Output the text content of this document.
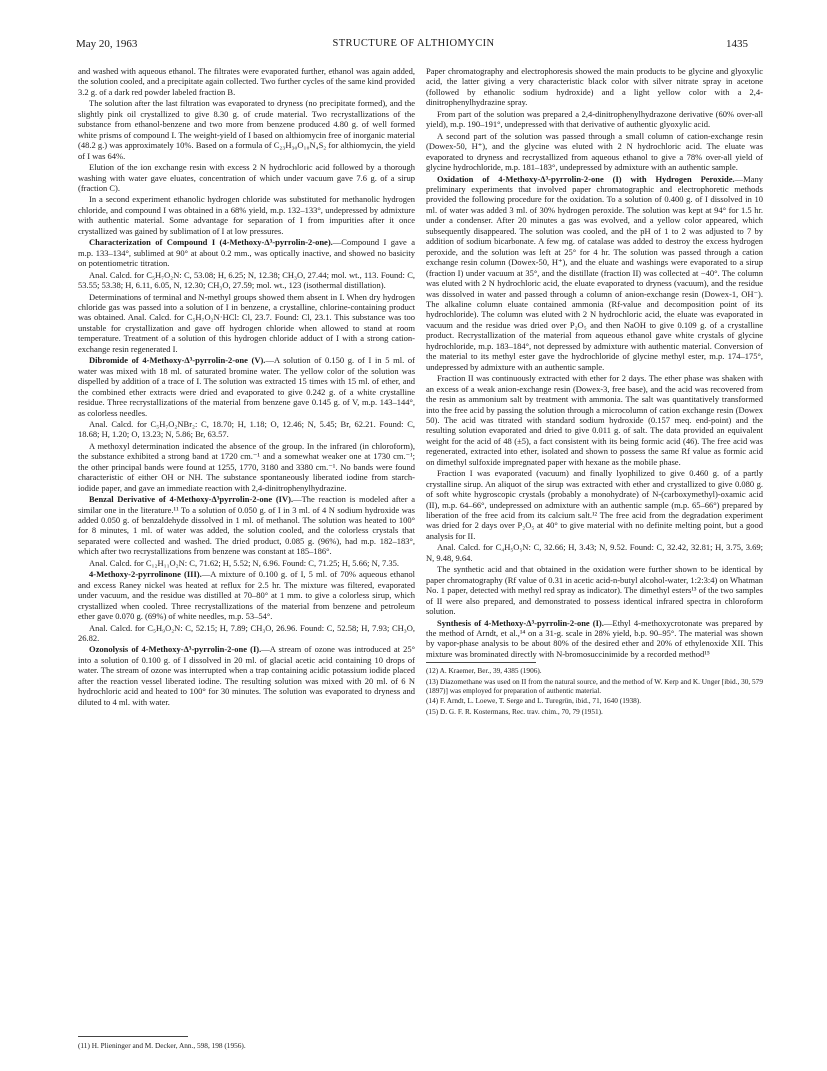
May 20, 1963	STRUCTURE OF ALTHIOMYCIN	1435

and washed with aqueous ethanol. The filtrates were evaporated further, ethanol was again added, the solution cooled, and a precipitate again collected. Two further cycles of the same kind provided 3.2 g. of a dark red powder labeled fraction B.

The solution after the last filtration was evaporated to dryness (no precipitate formed), and the slightly pink oil crystallized to give 8.30 g. of crude material. Two recrystallizations of the substance from ethanol-benzene and two more from benzene produced 4.80 g. of well formed white prisms of compound I. The weight-yield of I based on althiomycin free of inorganic material (48.2 g.) was approximately 10%. Based on a formula of C₂₃H₃₀O₁₀N₄S₂ for althiomycin, the yield of I was 64%.

Elution of the ion exchange resin with excess 2 N hydrochloric acid followed by a thorough washing with water gave eluates, concentration of which under vacuum gave 7.6 g. of a sirup (fraction C).

In a second experiment ethanolic hydrogen chloride was substituted for methanolic hydrogen chloride, and compound I was obtained in a 68% yield, m.p. 132–133°, undepressed by admixture with authentic material. Some advantage for separation of I from impurities after it once crystallized was gained by sublimation of I at low pressures.

Characterization of Compound I (4-Methoxy-Δ³-pyrrolin-2-one).—Compound I gave a m.p. 133–134°, sublimed at 90° at about 0.2 mm., was optically inactive, and showed no basicity on potentiometric titration.

Anal. Calcd. for C₅H₇O₂N: C, 53.08; H, 6.25; N, 12.38; CH₃O, 27.44; mol. wt., 113. Found: C, 53.55; 53.38; H, 6.11, 6.05, N, 12.30; CH₃O, 27.59; mol. wt., 123 (isothermal distillation).

Determinations of terminal and N-methyl groups showed them absent in I. When dry hydrogen chloride gas was passed into a solution of I in benzene, a crystalline, chlorine-containing product was obtained. Anal. Calcd. for C₅H₇O₂N·HCl: Cl, 23.7. Found: Cl, 23.1. This substance was too unstable for crystallization and gave off hydrogen chloride when allowed to stand at room temperature. Treatment of a solution of this hydrogen chloride adduct of I with a strong cation-exchange resin regenerated I.

Dibromide of 4-Methoxy-Δ³-pyrrolin-2-one (V).—A solution of 0.150 g. of I in 5 ml. of water was mixed with 18 ml. of saturated bromine water. The yellow color of the solution was dispelled by addition of a trace of I. The solution was extracted 15 times with 15 ml. of ether, and the combined ether extracts were dried and evaporated to give 0.242 g. of a white crystalline residue. Three recrystallizations of the material from benzene gave 0.145 g. of V, m.p. 143–144°, as colorless needles.

Anal. Calcd. for C₅H₇O₂NBr₂: C, 18.70; H, 1.18; O, 12.46; N, 5.45; Br, 62.21. Found: C, 18.68; H, 1.20; O, 13.23; N, 5.86; Br, 63.57.

A methoxyl determination indicated the absence of the group. In the infrared (in chloroform), the substance exhibited a strong band at 1720 cm.⁻¹ and a somewhat weaker one at 1730 cm.⁻¹; the other principal bands were found at 1255, 1770, 3180 and 3380 cm.⁻¹. No bands were found characteristic of either OH or NH. The substance spontaneously liberated iodine from starch-iodide paper, and gave an immediate reaction with 2,4-dinitrophenylhydrazine.

Benzal Derivative of 4-Methoxy-Δ³pyrrolin-2-one (IV).—The reaction is modeled after a similar one in the literature.¹¹ To a solution of 0.050 g. of I in 3 ml. of 4 N sodium hydroxide was added 0.050 g. of benzaldehyde dissolved in 1 ml. of methanol. The solution was heated to 100° for 8 minutes, 1 ml. of water was added, the solution cooled, and the colorless crystals that separated were collected and washed. The dried product, 0.085 g. (96%), had m.p. 182–183°, which after two recrystallizations from benzene was constant at 185–186°.

Anal. Calcd. for C₁₂H₁₁O₂N: C, 71.62; H, 5.52; N, 6.96. Found: C, 71.25; H, 5.66; N, 7.35.

4-Methoxy-2-pyrrolinone (III).—A mixture of 0.100 g. of I, 5 ml. of 70% aqueous ethanol and excess Raney nickel was heated at reflux for 2.5 hr. The mixture was filtered, evaporated under vacuum, and the residue was distilled at 70–80° at 1 mm. to give a colorless sirup, which crystallized when cooled. Three recrystallizations of the material from benzene and petroleum ether gave 0.070 g. (69%) of white needles, m.p. 53–54°.

Anal. Calcd. for C₅H₉O₂N: C, 52.15; H, 7.89; CH₃O, 26.96. Found: C, 52.58; H, 7.93; CH₃O, 26.82.

Ozonolysis of 4-Methoxy-Δ³-pyrrolin-2-one (I).—A stream of ozone was introduced at 25° into a solution of 0.100 g. of I dissolved in 20 ml. of glacial acetic acid containing 10 drops of water. The stream of ozone was interrupted when a trap containing acidic potassium iodide placed after the reaction vessel liberated iodine. The resulting solution was mixed with 20 ml. of 6 N hydrochloric acid and heated to 100° for 30 minutes. The solution was evaporated to dryness and diluted to 4 ml. with water.

(11) H. Plieninger and M. Decker, Ann., 598, 198 (1956).

Paper chromatography and electrophoresis showed the main products to be glycine and glyoxylic acid, the latter giving a very characteristic black color with silver nitrate spray in acetone (followed by ethanolic sodium hydroxide) and a light yellow color with a 2,4-dinitrophenylhydrazine spray.

From part of the solution was prepared a 2,4-dinitrophenylhydrazone derivative (60% over-all yield), m.p. 190–191°, undepressed with that derivative of authentic glyoxylic acid.

A second part of the solution was passed through a small column of cation-exchange resin (Dowex-50, H⁺), and the glycine was eluted with 2 N hydrochloric acid. The eluate was evaporated to dryness and recrystallized from aqueous ethanol to give a 78% over-all yield of glycine hydrochloride, m.p. 181–183°, undepressed by admixture with an authentic sample.

Oxidation of 4-Methoxy-Δ³-pyrrolin-2-one (I) with Hydrogen Peroxide.—Many preliminary experiments that involved paper chromatographic and electrophoretic methods provided the following procedure for the oxidation. To a solution of 0.400 g. of I dissolved in 10 ml. of water was added 3 ml. of 30% hydrogen peroxide. The solution was kept at 94° for 1.5 hr. under a condenser. After 20 minutes a gas was evolved, and a yellow color appeared, which subsequently disappeared. The solution was cooled, and the pH of 1 to 2 was adjusted to 7 by addition of sodium bicarbonate. A few mg. of catalase was added to destroy the excess hydrogen peroxide, and the solution was left at 25° for 4 hr. The solution was passed through a cation exchange resin column (Dowex-50, H⁺), and the eluate and washings were evaporated to a sirup (fraction I) under vacuum at 35°, and the distillate (fraction II) was collected at −40°. The column was eluted with 2 N hydrochloric acid, the eluate evaporated to dryness (vacuum), and the residue was dissolved in water and passed through a column of anion-exchange resin (Dowex-1, OH⁻). The alkaline column eluate contained ammonia (Rf-value and decomposition point of its hydrochloride). The column was eluted with 2 N hydrochloric acid, the eluate was evaporated in vacuum and the residue was dried over P₂O₅ and then NaOH to give 0.109 g. of a crystalline product. Recrystallization of the material from aqueous ethanol gave white crystals of glycine hydrochloride, m.p. 183–184°, not depressed by admixture with authentic material. Conversion of the material to its methyl ester gave the hydrochloride of glycine methyl ester, m.p. 174–175°, undepressed by admixture with an authentic sample.

Fraction II was continuously extracted with ether for 2 days. The ether phase was shaken with an excess of a weak anion-exchange resin (Dowex-3, free base), and the acid was recovered from the resin as ammonium salt by treatment with ammonia. The salt was quantitatively transformed into the free acid by passing the solution through a microcolumn of cation exchange resin (Dowex 50). The acid was titrated with standard sodium hydroxide (0.157 meq. end-point) and the resulting solution evaporated and dried to give 0.011 g. of salt. The data provided an equivalent weight for the acid of 48 (±5), a fact consistent with its being formic acid (46). The free acid was regenerated, extracted into ether, isolated and shown to possess the same Rf value as formic acid on dimethyl sulfoxide impregnated paper with hexane as the mobile phase.

Fraction I was evaporated (vacuum) and finally lyophilized to give 0.460 g. of a partly crystalline sirup. An aliquot of the sirup was extracted with ether and crystallized to give 0.080 g. of soft white hygroscopic crystals (probably a monohydrate) of N-(carboxymethyl)-oxamic acid (II), m.p. 64–66°, undepressed on admixture with an authentic sample (m.p. 65–66°) prepared by liberation of the free acid from its calcium salt.¹² The free acid from the degradation experiment was dried for 2 days over P₂O₅ at 40° to give material with no definite melting point, but a good analysis for II.

Anal. Calcd. for C₄H₅O₅N: C, 32.66; H, 3.43; N, 9.52. Found: C, 32.42, 32.81; H, 3.75, 3.69; N, 9.48, 9.64.

The synthetic acid and that obtained in the oxidation were further shown to be identical by paper chromatography (Rf value of 0.31 in acetic acid-n-butyl alcohol-water, 1:2:3:4) on Whatman No. 1 paper, detected with methyl red spray as indicator). The dimethyl esters¹³ of the two samples of II were also prepared, and demonstrated to possess identical infrared spectra in chloroform solution.

Synthesis of 4-Methoxy-Δ³-pyrrolin-2-one (I).—Ethyl 4-methoxycrotonate was prepared by the method of Arndt, et al.,¹⁴ on a 31-g. scale in 28% yield, b.p. 90–95°. The material was shown by vapor-phase analysis to be about 80% of the desired ether and 20% of ethylenoxide XII. This mixture was brominated directly with N-bromosuccinimide by a recorded method¹⁵

(12) A. Kraemer, Ber., 39, 4385 (1906).

(13) Diazomethane was used on II from the natural source, and the method of W. Kerp and K. Unger [ibid., 30, 579 (1897)] was employed for preparation of authentic material.

(14) F. Arndt, L. Loewe, T. Serge and L. Turegrün, ibid., 71, 1640 (1938).

(15) D. G. F. R. Kostermans, Rec. trav. chim., 70, 79 (1951).
